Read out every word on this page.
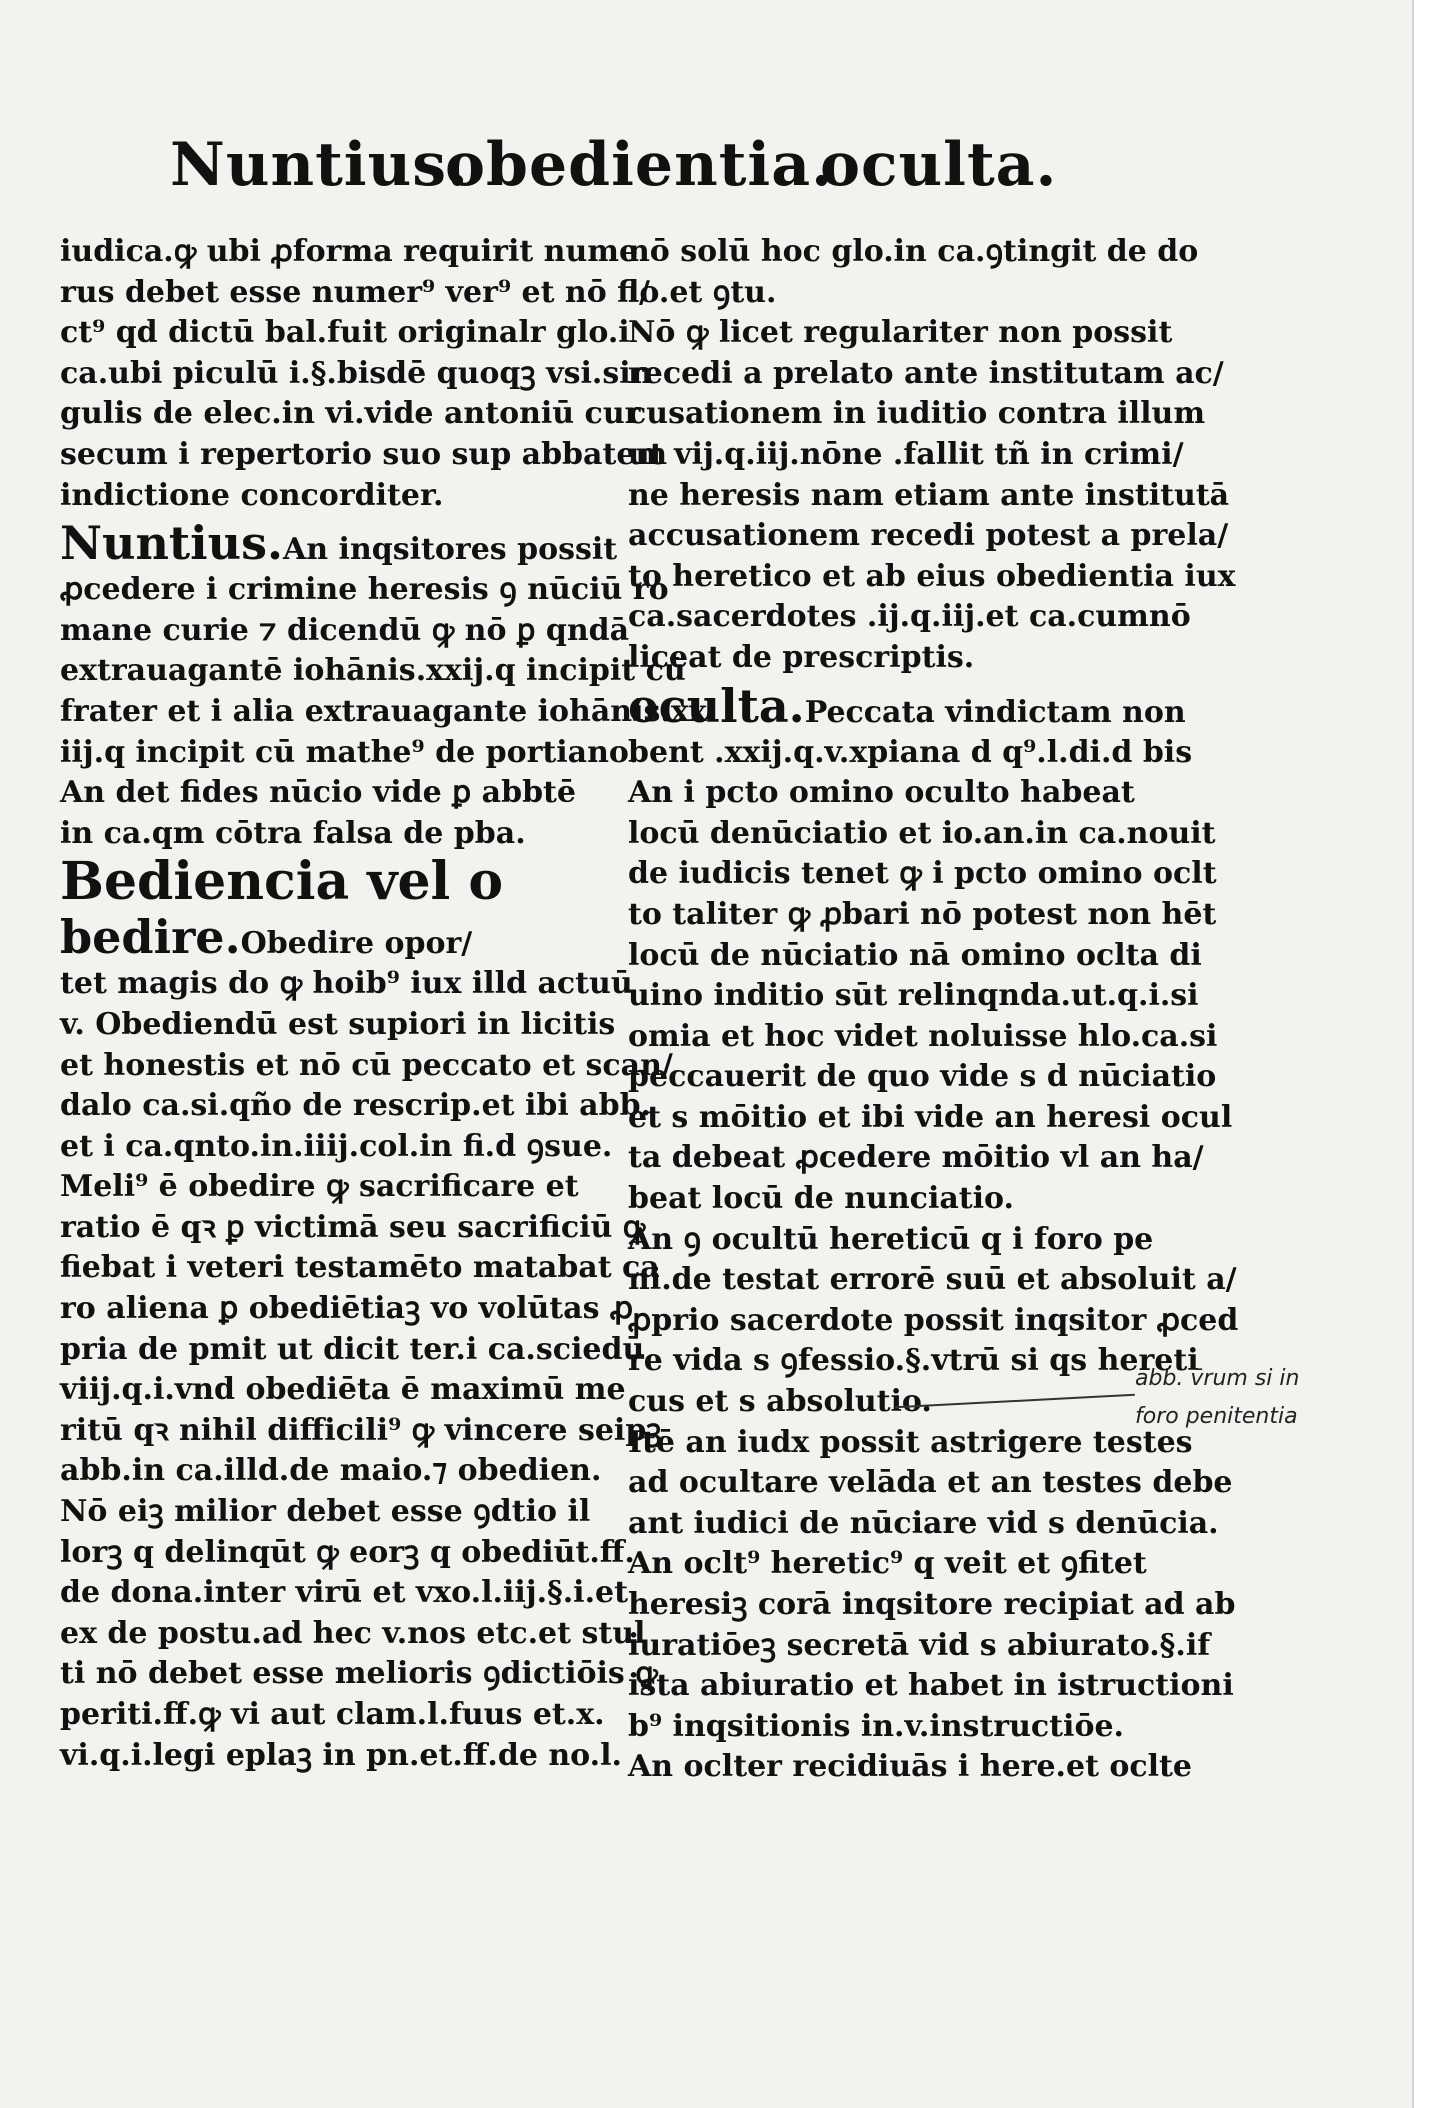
Nuntius.
obedientia.
oculta.
iudica.ꝙ ubi ꝓforma requirit nume
rus debet esse numer⁹ ver⁹ et nō fi/
ct⁹ qd dictū bal.fuit originalr glo.i
ca.ubi piculū i.§.bisdē quoqꝫ vsi.sin
gulis de elec.in vi.vide antoniū cur
secum i repertorio suo sup abbatem
indictione concorditer.
Nuntius.An inqsitores possit
ꝓcedere i crimine heresis ꝯ nūciū ro
mane curie ⁊ dicendū ꝙ nō ꝑ qndā
extrauagantē iohānis.xxij.q incipit cū
frater et i alia extrauagante iohānis.xx
iij.q incipit cū mathe⁹ de portiano.
An det fides nūcio vide ꝑ abbtē
in ca.qm cōtra falsa de pba.
Bediencia vel o
bedire.Obedire opor/
tet magis do ꝙ hoib⁹ iux illd actuū
v. Obediendū est supiori in licitis
et honestis et nō cū peccato et scan/
dalo ca.si.qño de rescrip.et ibi abb.
et i ca.qnto.in.iiij.col.in fi.d ꝯsue.
Meli⁹ ē obedire ꝙ sacrificare et
ratio ē qꝛ ꝑ victimā seu sacrificiū ꝙ
fiebat i veteri testamēto matabat ca
ro aliena ꝑ obediētiaꝫ vo volūtas ꝓ
pria de pmit ut dicit ter.i ca.sciedū
viij.q.i.vnd obediēta ē maximū me
ritū qꝛ nihil difficili⁹ ꝙ vincere seipꝫ
abb.in ca.illd.de maio.⁊ obedien.
Nō eiꝫ milior debet esse ꝯdtio il
lorꝫ q delinqūt ꝙ eorꝫ q obediūt.ff.
de dona.inter virū et vxo.l.iij.§.i.et
ex de postu.ad hec v.nos etc.et stul
ti nō debet esse melioris ꝯdictiōis ꝙ
periti.ff.ꝙ vi aut clam.l.fuus et.x.
vi.q.i.legi eplaꝫ in pn.et.ff.de no.l.
nō solū hoc glo.in ca.ꝯtingit de do
lo.et ꝯtu.
Nō ꝙ licet regulariter non possit
recedi a prelato ante institutam ac/
cusationem in iuditio contra illum
ut vij.q.iij.nōne .fallit tñ in crimi/
ne heresis nam etiam ante institutā
accusationem recedi potest a prela/
to heretico et ab eius obedientia iux
ca.sacerdotes .ij.q.iij.et ca.cumnō
liceat de prescriptis.
oculta.Peccata vindictam non
bent .xxij.q.v.xpiana d q⁹.l.di.d bis
An i pcto omino oculto habeat
locū denūciatio et io.an.in ca.nouit
de iudicis tenet ꝙ i pcto omino oclt
to taliter ꝙ ꝓbari nō potest non hēt
locū de nūciatio nā omino oclta di
uino inditio sūt relinqnda.ut.q.i.si
omia et hoc videt noluisse hlo.ca.si
peccauerit de quo vide s d nūciatio
et s mōitio et ibi vide an heresi ocul
ta debeat ꝓcedere mōitio vl an ha/
beat locū de nunciatio.
An ꝯ ocultū hereticū q i foro pe
ni.de testat errorē suū et absoluit a/
ꝓprio sacerdote possit inqsitor ꝓced
re vida s ꝯfessio.§.vtrū si qs hereti
cus et s absolutio.
Itē an iudx possit astrigere testes
ad ocultare velāda et an testes debe
ant iudici de nūciare vid s denūcia.
An oclt⁹ heretic⁹ q veit et ꝯfitet
heresiꝫ corā inqsitore recipiat ad ab
iuratiōeꝫ secretā vid s abiurato.§.if
ista abiuratio et habet in istructioni
b⁹ inqsitionis in.v.instructiōe.
An oclter recidiuās i here.et oclte
abb. v̄rum si in
foro penitentia
